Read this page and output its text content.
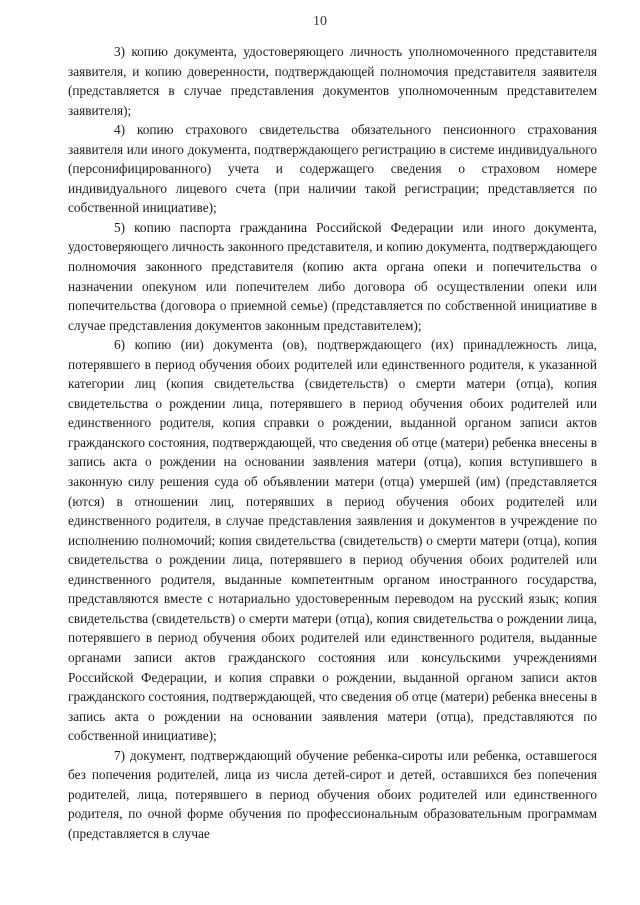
10

3) копию документа, удостоверяющего личность уполномоченного представителя заявителя, и копию доверенности, подтверждающей полномочия представителя заявителя (представляется в случае представления документов уполномоченным представителем заявителя);

4) копию страхового свидетельства обязательного пенсионного страхования заявителя или иного документа, подтверждающего регистрацию в системе индивидуального (персонифицированного) учета и содержащего сведения о страховом номере индивидуального лицевого счета (при наличии такой регистрации; представляется по собственной инициативе);

5) копию паспорта гражданина Российской Федерации или иного документа, удостоверяющего личность законного представителя, и копию документа, подтверждающего полномочия законного представителя (копию акта органа опеки и попечительства о назначении опекуном или попечителем либо договора об осуществлении опеки или попечительства (договора о приемной семье) (представляется по собственной инициативе в случае представления документов законным представителем);

6) копию (ии) документа (ов), подтверждающего (их) принадлежность лица, потерявшего в период обучения обоих родителей или единственного родителя, к указанной категории лиц (копия свидетельства (свидетельств) о смерти матери (отца), копия свидетельства о рождении лица, потерявшего в период обучения обоих родителей или единственного родителя, копия справки о рождении, выданной органом записи актов гражданского состояния, подтверждающей, что сведения об отце (матери) ребенка внесены в запись акта о рождении на основании заявления матери (отца), копия вступившего в законную силу решения суда об объявлении матери (отца) умершей (им) (представляется (ются) в отношении лиц, потерявших в период обучения обоих родителей или единственного родителя, в случае представления заявления и документов в учреждение по исполнению полномочий; копия свидетельства (свидетельств) о смерти матери (отца), копия свидетельства о рождении лица, потерявшего в период обучения обоих родителей или единственного родителя, выданные компетентным органом иностранного государства, представляются вместе с нотариально удостоверенным переводом на русский язык; копия свидетельства (свидетельств) о смерти матери (отца), копия свидетельства о рождении лица, потерявшего в период обучения обоих родителей или единственного родителя, выданные органами записи актов гражданского состояния или консульскими учреждениями Российской Федерации, и копия справки о рождении, выданной органом записи актов гражданского состояния, подтверждающей, что сведения об отце (матери) ребенка внесены в запись акта о рождении на основании заявления матери (отца), представляются по собственной инициативе);

7) документ, подтверждающий обучение ребенка-сироты или ребенка, оставшегося без попечения родителей, лица из числа детей-сирот и детей, оставшихся без попечения родителей, лица, потерявшего в период обучения обоих родителей или единственного родителя, по очной форме обучения по профессиональным образовательным программам (представляется в случае
